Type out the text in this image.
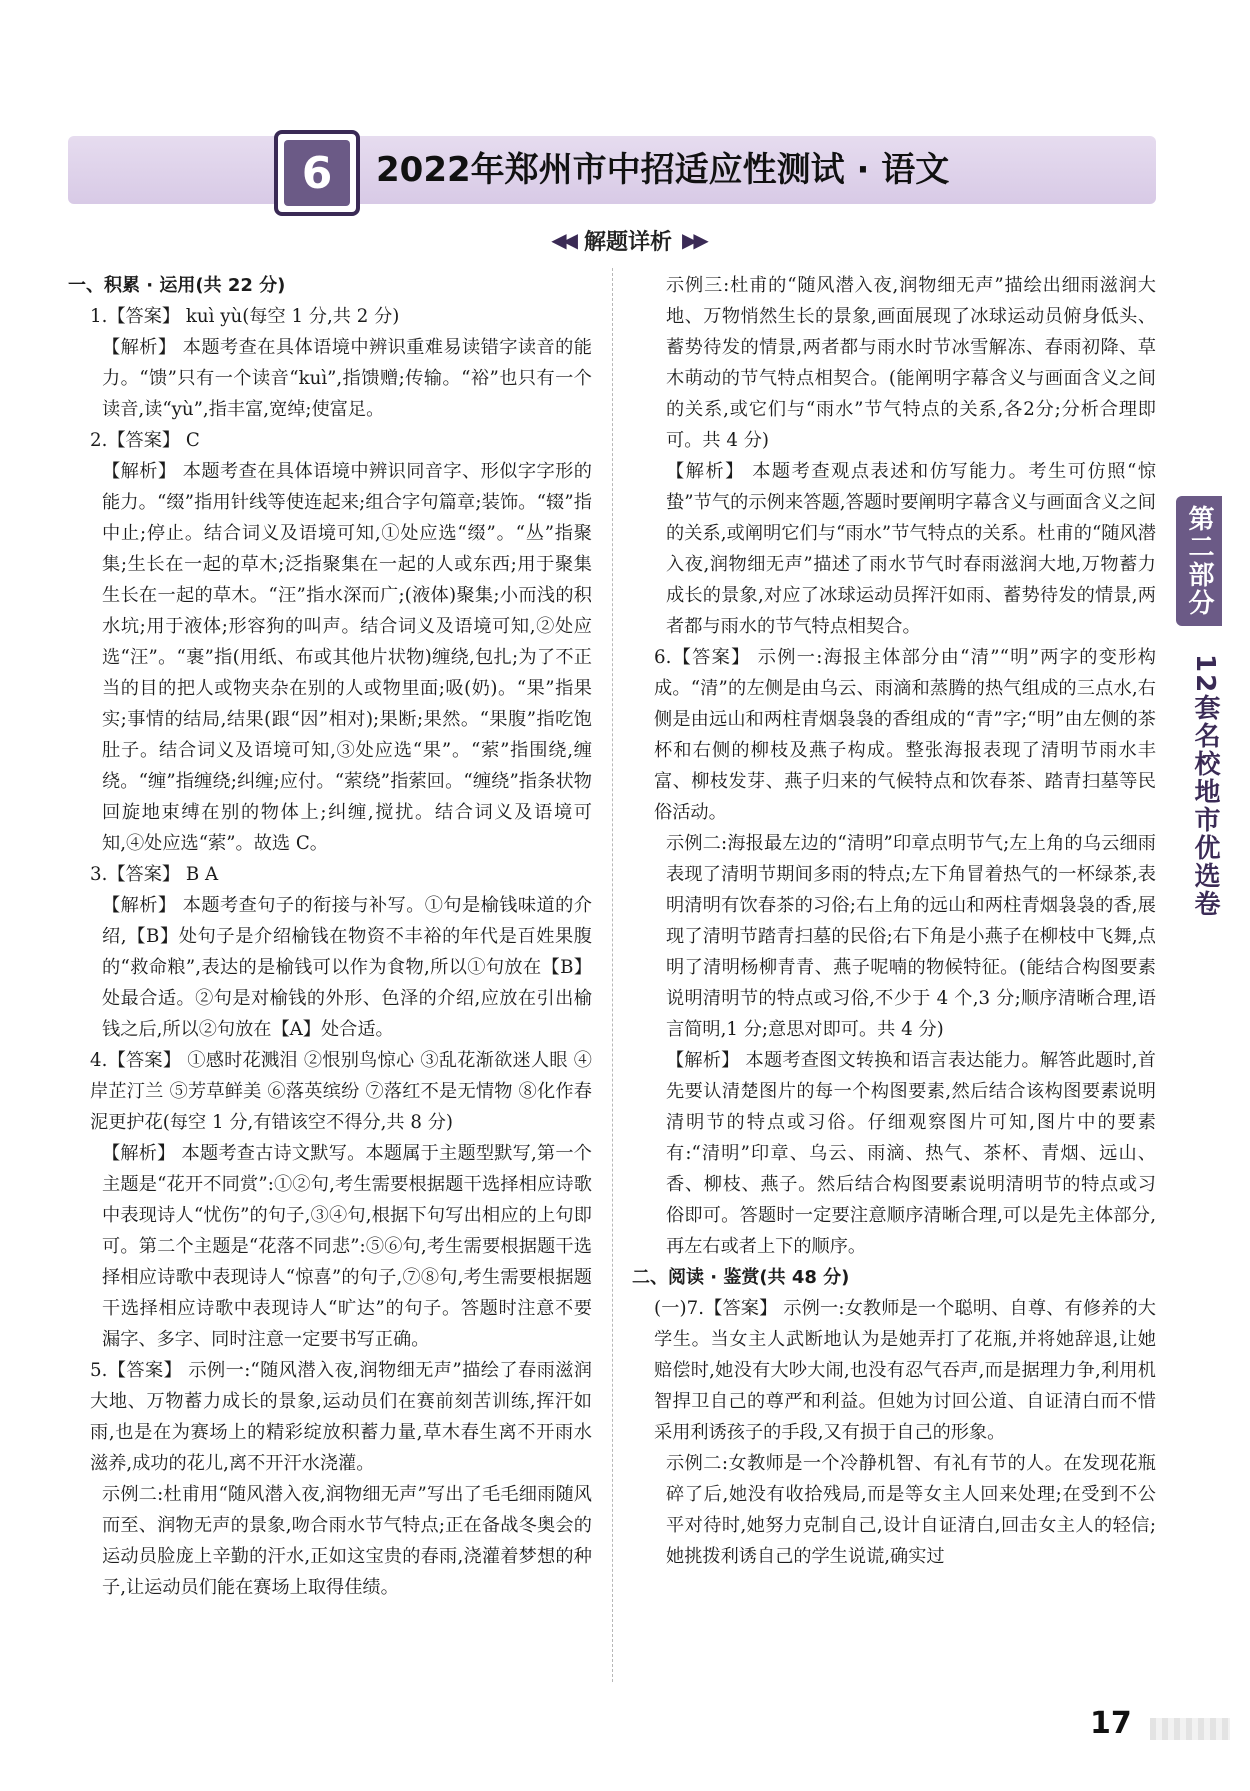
6	2022年郑州市中招适应性测试 · 语文
◀◀ 解题详析 ▶▶

一、积累 · 运用(共 22 分)

1.【答案】 kuì yù(每空 1 分,共 2 分)

【解析】 本题考查在具体语境中辨识重难易读错字读音的能力。“馈”只有一个读音“kuì”,指馈赠;传输。“裕”也只有一个读音,读“yù”,指丰富,宽绰;使富足。

2.【答案】 C

【解析】 本题考查在具体语境中辨识同音字、形似字字形的能力。“缀”指用针线等使连起来;组合字句篇章;装饰。“辍”指中止;停止。结合词义及语境可知,①处应选“缀”。“丛”指聚集;生长在一起的草木;泛指聚集在一起的人或东西;用于聚集生长在一起的草木。“汪”指水深而广;(液体)聚集;小而浅的积水坑;用于液体;形容狗的叫声。结合词义及语境可知,②处应选“汪”。“裹”指(用纸、布或其他片状物)缠绕,包扎;为了不正当的目的把人或物夹杂在别的人或物里面;吸(奶)。“果”指果实;事情的结局,结果(跟“因”相对);果断;果然。“果腹”指吃饱肚子。结合词义及语境可知,③处应选“果”。“萦”指围绕,缠绕。“缠”指缠绕;纠缠;应付。“萦绕”指萦回。“缠绕”指条状物回旋地束缚在别的物体上;纠缠,搅扰。结合词义及语境可知,④处应选“萦”。故选 C。

3.【答案】 B A

【解析】 本题考查句子的衔接与补写。①句是榆钱味道的介绍,【B】处句子是介绍榆钱在物资不丰裕的年代是百姓果腹的“救命粮”,表达的是榆钱可以作为食物,所以①句放在【B】处最合适。②句是对榆钱的外形、色泽的介绍,应放在引出榆钱之后,所以②句放在【A】处合适。

4.【答案】 ①感时花溅泪 ②恨别鸟惊心 ③乱花渐欲迷人眼 ④岸芷汀兰 ⑤芳草鲜美 ⑥落英缤纷 ⑦落红不是无情物 ⑧化作春泥更护花(每空 1 分,有错该空不得分,共 8 分)

【解析】 本题考查古诗文默写。本题属于主题型默写,第一个主题是“花开不同赏”:①②句,考生需要根据题干选择相应诗歌中表现诗人“忧伤”的句子,③④句,根据下句写出相应的上句即可。第二个主题是“花落不同悲”:⑤⑥句,考生需要根据题干选择相应诗歌中表现诗人“惊喜”的句子,⑦⑧句,考生需要根据题干选择相应诗歌中表现诗人“旷达”的句子。答题时注意不要漏字、多字、同时注意一定要书写正确。

5.【答案】 示例一:“随风潜入夜,润物细无声”描绘了春雨滋润大地、万物蓄力成长的景象,运动员们在赛前刻苦训练,挥汗如雨,也是在为赛场上的精彩绽放积蓄力量,草木春生离不开雨水滋养,成功的花儿,离不开汗水浇灌。

示例二:杜甫用“随风潜入夜,润物细无声”写出了毛毛细雨随风而至、润物无声的景象,吻合雨水节气特点;正在备战冬奥会的运动员脸庞上辛勤的汗水,正如这宝贵的春雨,浇灌着梦想的种子,让运动员们能在赛场上取得佳绩。

示例三:杜甫的“随风潜入夜,润物细无声”描绘出细雨滋润大地、万物悄然生长的景象,画面展现了冰球运动员俯身低头、蓄势待发的情景,两者都与雨水时节冰雪解冻、春雨初降、草木萌动的节气特点相契合。(能阐明字幕含义与画面含义之间的关系,或它们与“雨水”节气特点的关系,各2分;分析合理即可。共 4 分)

【解析】 本题考查观点表述和仿写能力。考生可仿照“惊蛰”节气的示例来答题,答题时要阐明字幕含义与画面含义之间的关系,或阐明它们与“雨水”节气特点的关系。杜甫的“随风潜入夜,润物细无声”描述了雨水节气时春雨滋润大地,万物蓄力成长的景象,对应了冰球运动员挥汗如雨、蓄势待发的情景,两者都与雨水的节气特点相契合。

6.【答案】 示例一:海报主体部分由“清”“明”两字的变形构成。“清”的左侧是由乌云、雨滴和蒸腾的热气组成的三点水,右侧是由远山和两柱青烟袅袅的香组成的“青”字;“明”由左侧的茶杯和右侧的柳枝及燕子构成。整张海报表现了清明节雨水丰富、柳枝发芽、燕子归来的气候特点和饮春茶、踏青扫墓等民俗活动。

示例二:海报最左边的“清明”印章点明节气;左上角的乌云细雨表现了清明节期间多雨的特点;左下角冒着热气的一杯绿茶,表明清明有饮春茶的习俗;右上角的远山和两柱青烟袅袅的香,展现了清明节踏青扫墓的民俗;右下角是小燕子在柳枝中飞舞,点明了清明杨柳青青、燕子呢喃的物候特征。(能结合构图要素说明清明节的特点或习俗,不少于 4 个,3 分;顺序清晰合理,语言简明,1 分;意思对即可。共 4 分)

【解析】 本题考查图文转换和语言表达能力。解答此题时,首先要认清楚图片的每一个构图要素,然后结合该构图要素说明清明节的特点或习俗。仔细观察图片可知,图片中的要素有:“清明”印章、乌云、雨滴、热气、茶杯、青烟、远山、香、柳枝、燕子。然后结合构图要素说明清明节的特点或习俗即可。答题时一定要注意顺序清晰合理,可以是先主体部分,再左右或者上下的顺序。

二、阅读 · 鉴赏(共 48 分)

(一)7.【答案】 示例一:女教师是一个聪明、自尊、有修养的大学生。当女主人武断地认为是她弄打了花瓶,并将她辞退,让她赔偿时,她没有大吵大闹,也没有忍气吞声,而是据理力争,利用机智捍卫自己的尊严和利益。但她为讨回公道、自证清白而不惜采用利诱孩子的手段,又有损于自己的形象。

示例二:女教师是一个冷静机智、有礼有节的人。在发现花瓶碎了后,她没有收拾残局,而是等女主人回来处理;在受到不公平对待时,她努力克制自己,设计自证清白,回击女主人的轻信;她挑拨利诱自己的学生说谎,确实过

第二部分
12套名校地市优选卷
17
